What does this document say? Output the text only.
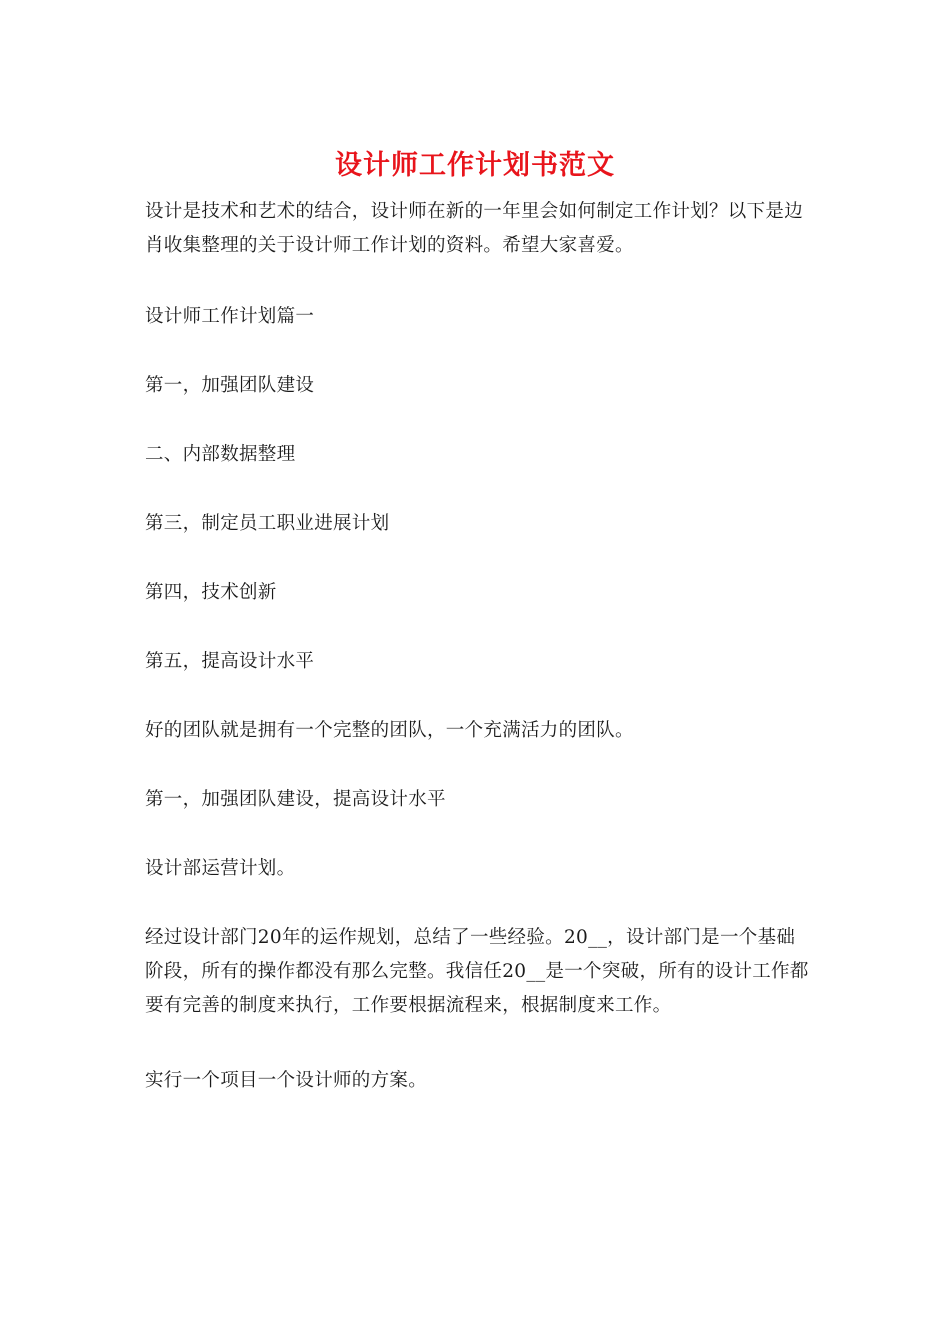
设计师工作计划书范文

设计是技术和艺术的结合，设计师在新的一年里会如何制定工作计划？以下是边肖收集整理的关于设计师工作计划的资料。希望大家喜爱。

设计师工作计划篇一

第一，加强团队建设

二、内部数据整理

第三，制定员工职业进展计划

第四，技术创新

第五，提高设计水平

好的团队就是拥有一个完整的团队，一个充满活力的团队。

第一，加强团队建设，提高设计水平

设计部运营计划。

经过设计部门20年的运作规划，总结了一些经验。20__，设计部门是一个基础阶段，所有的操作都没有那么完整。我信任20__是一个突破，所有的设计工作都要有完善的制度来执行，工作要根据流程来，根据制度来工作。

实行一个项目一个设计师的方案。
